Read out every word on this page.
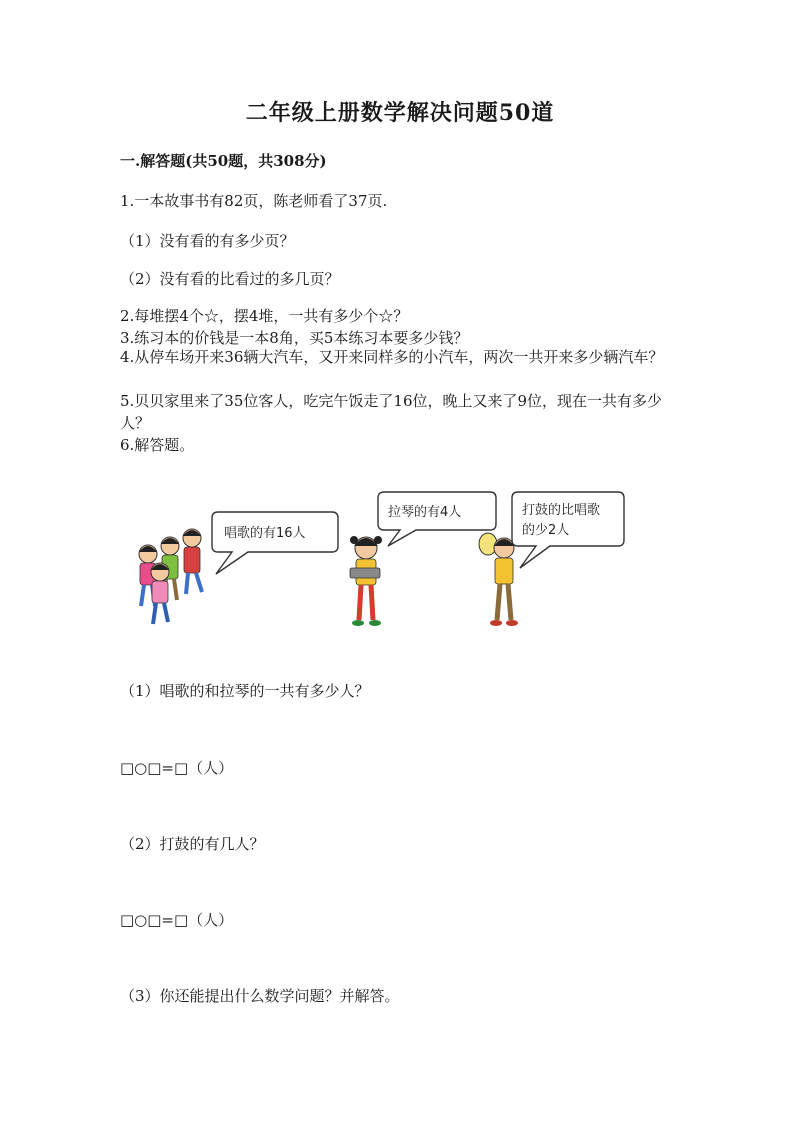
二年级上册数学解决问题50道
一.解答题(共50题，共308分)
1.一本故事书有82页，陈老师看了37页.
（1）没有看的有多少页？
（2）没有看的比看过的多几页？
2.每堆摆4个☆，摆4堆，一共有多少个☆？
3.练习本的价钱是一本8角，买5本练习本要多少钱？
4.从停车场开来36辆大汽车，又开来同样多的小汽车，两次一共开来多少辆汽车？
5.贝贝家里来了35位客人，吃完午饭走了16位，晚上又来了9位，现在一共有多少人？
6.解答题。
唱歌的有16人
拉琴的有4人	打鼓的比唱歌
的少2人
（1）唱歌的和拉琴的一共有多少人？
□○□=□（人）
（2）打鼓的有几人？
□○□=□（人）
（3）你还能提出什么数学问题？并解答。
